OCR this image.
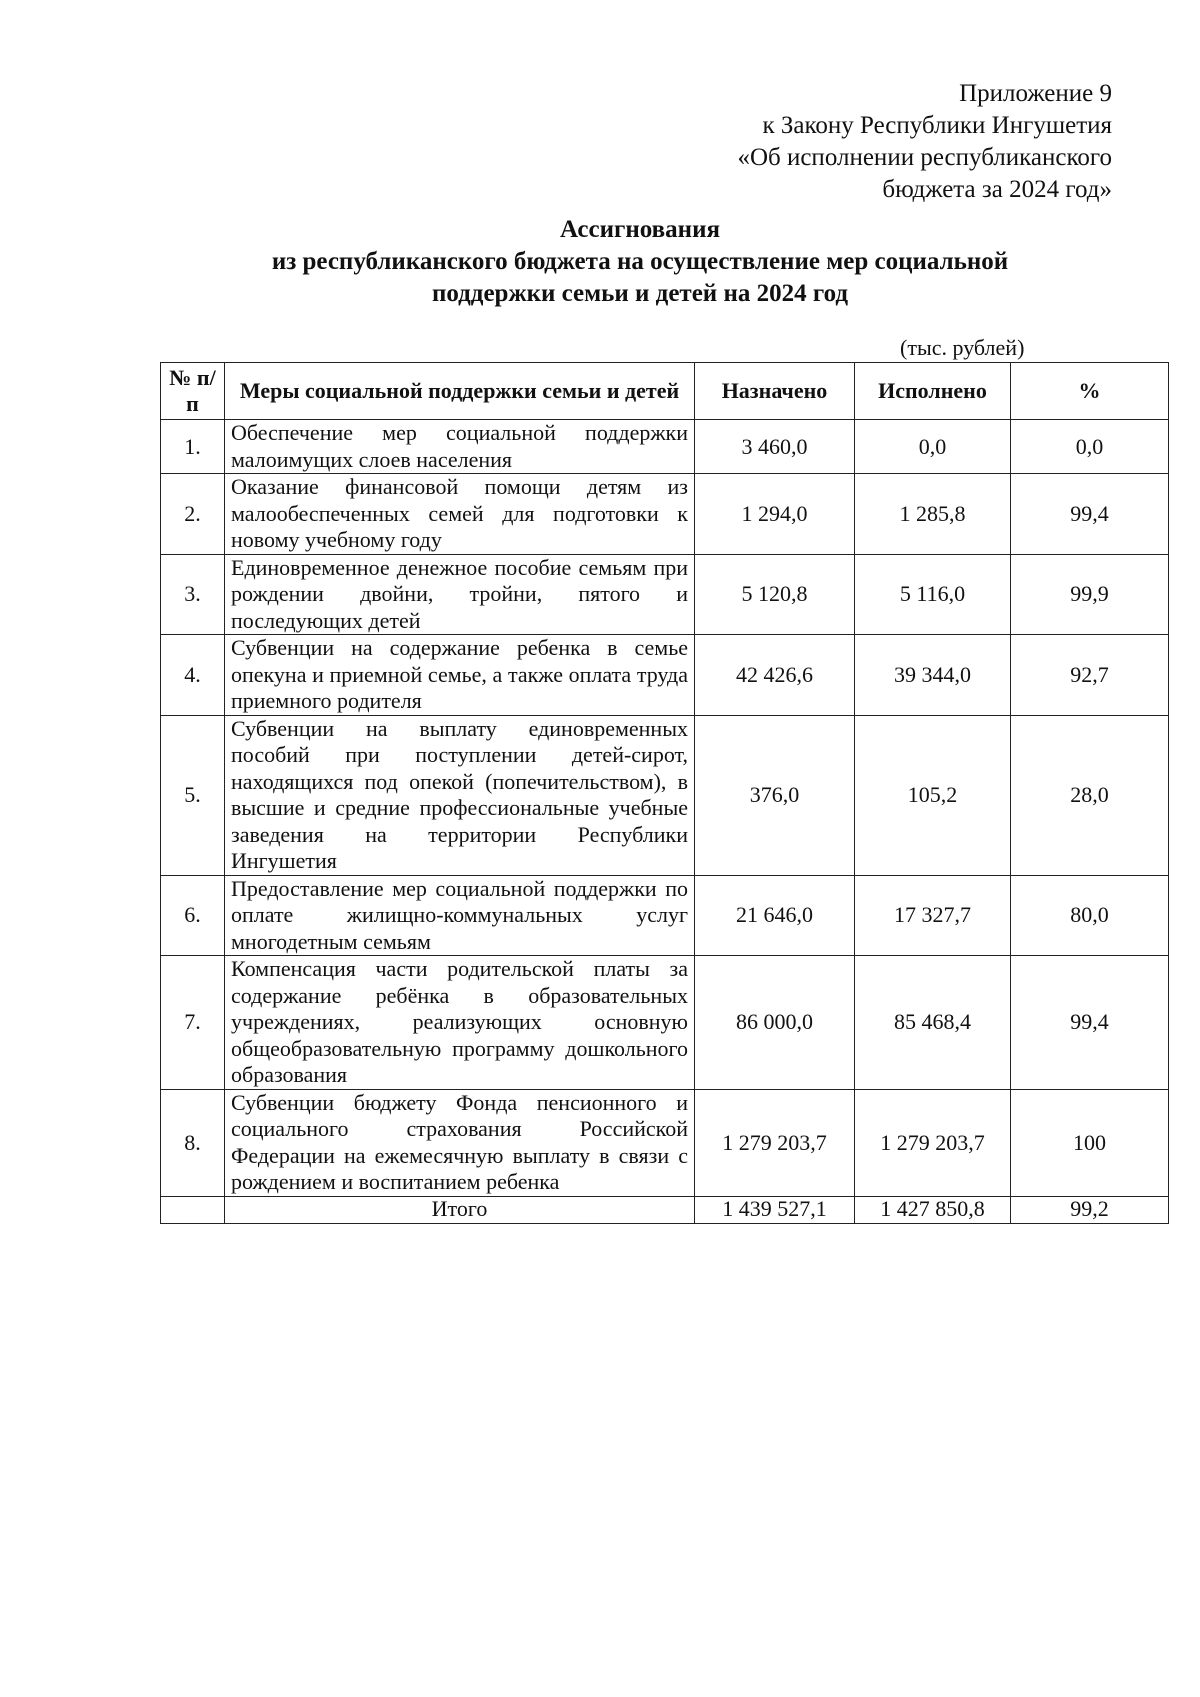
Приложение 9
к Закону Республики Ингушетия
«Об исполнении республиканского
бюджета за 2024 год»
Ассигнования
из республиканского бюджета на осуществление мер социальной
поддержки семьи и детей на 2024 год
(тыс. рублей)
№ п/п	Меры социальной поддержки семьи и детей	Назначено	Исполнено	%
1.	Обеспечение мер социальной поддержки малоимущих слоев населения	3 460,0	0,0	0,0
2.	Оказание финансовой помощи детям из малообеспеченных семей для подготовки к новому учебному году	1 294,0	1 285,8	99,4
3.	Единовременное денежное пособие семьям при рождении двойни, тройни, пятого и последующих детей	5 120,8	5 116,0	99,9
4.	Субвенции на содержание ребенка в семье опекуна и приемной семье, а также оплата труда приемного родителя	42 426,6	39 344,0	92,7
5.	Субвенции на выплату единовременных пособий при поступлении детей-сирот, находящихся под опекой (попечительством), в высшие и средние профессиональные учебные заведения на территории Республики Ингушетия	376,0	105,2	28,0
6.	Предоставление мер социальной поддержки по оплате жилищно-коммунальных услуг многодетным семьям	21 646,0	17 327,7	80,0
7.	Компенсация части родительской платы за содержание ребёнка в образовательных учреждениях, реализующих основную общеобразовательную программу дошкольного образования	86 000,0	85 468,4	99,4
8.	Субвенции бюджету Фонда пенсионного и социального страхования Российской Федерации на ежемесячную выплату в связи с рождением и воспитанием ребенка	1 279 203,7	1 279 203,7	100
	Итого	1 439 527,1	1 427 850,8	99,2
